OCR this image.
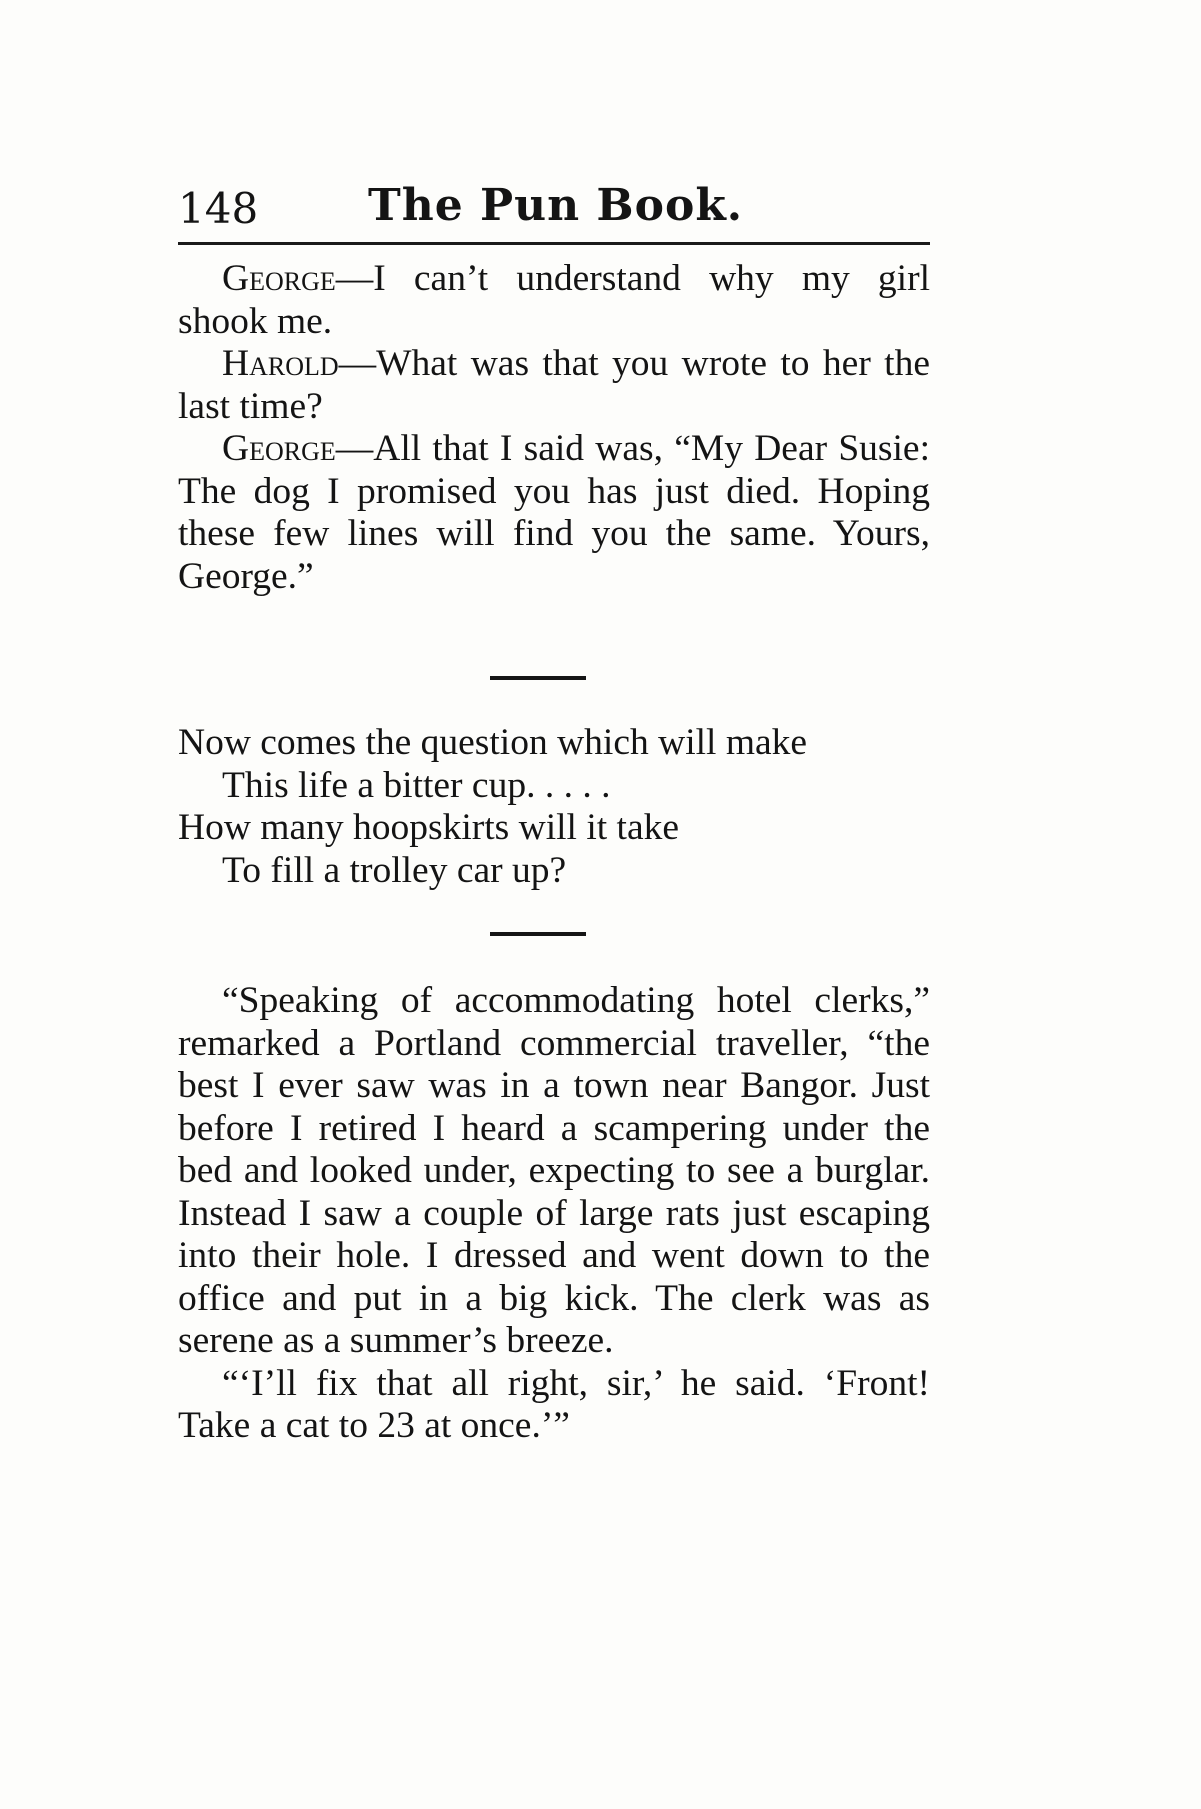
148 The Pun Book.

George—I can’t understand why my girl shook me.

Harold—What was that you wrote to her the last time?

George—All that I said was, “My Dear Susie: The dog I promised you has just died. Hoping these few lines will find you the same. Yours, George.”

Now comes the question which will make
This life a bitter cup. . . . .
How many hoopskirts will it take
To fill a trolley car up?

“Speaking of accommodating hotel clerks,” remarked a Portland commercial traveller, “the best I ever saw was in a town near Bangor. Just before I retired I heard a scampering under the bed and looked under, expecting to see a burglar. Instead I saw a couple of large rats just escaping into their hole. I dressed and went down to the office and put in a big kick. The clerk was as serene as a summer’s breeze.

“‘I’ll fix that all right, sir,’ he said. ‘Front! Take a cat to 23 at once.’”
